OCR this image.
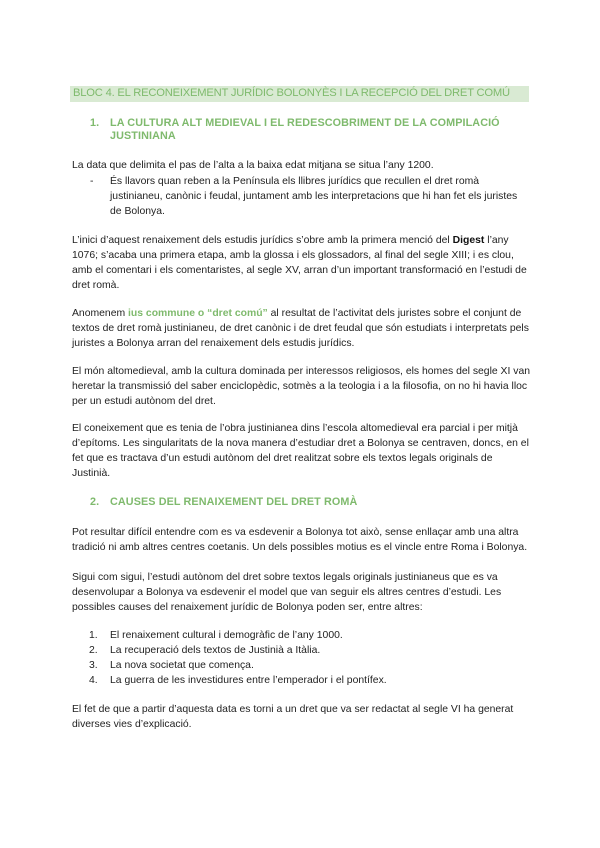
BLOC 4. EL RECONEIXEMENT JURÍDIC BOLONYÈS I LA RECEPCIÓ DEL DRET COMÚ
1. LA CULTURA ALT MEDIEVAL I EL REDESCOBRIMENT DE LA COMPILACIÓ JUSTINIANA
La data que delimita el pas de l’alta a la baixa edat mitjana se situa l’any 1200.
- És llavors quan reben a la Península els llibres jurídics que recullen el dret romà justinianeu, canònic i feudal, juntament amb les interpretacions que hi han fet els juristes de Bolonya.
L’inici d’aquest renaixement dels estudis jurídics s’obre amb la primera menció del Digest l’any 1076; s’acaba una primera etapa, amb la glossa i els glossadors, al final del segle XIII; i es clou, amb el comentari i els comentaristes, al segle XV, arran d’un important transformació en l’estudi de dret romà.
Anomenem ius commune o “dret comú” al resultat de l’activitat dels juristes sobre el conjunt de textos de dret romà justinianeu, de dret canònic i de dret feudal que són estudiats i interpretats pels juristes a Bolonya arran del renaixement dels estudis jurídics.
El món altomedieval, amb la cultura dominada per interessos religiosos, els homes del segle XI van heretar la transmissió del saber enciclopèdic, sotmès a la teologia i a la filosofia, on no hi havia lloc per un estudi autònom del dret.
El coneixement que es tenia de l’obra justinianea dins l’escola altomedieval era parcial i per mitjà d’epítoms. Les singularitats de la nova manera d’estudiar dret a Bolonya se centraven, doncs, en el fet que es tractava d’un estudi autònom del dret realitzat sobre els textos legals originals de Justinià.
2. CAUSES DEL RENAIXEMENT DEL DRET ROMÀ
Pot resultar difícil entendre com es va esdevenir a Bolonya tot això, sense enllaçar amb una altra tradició ni amb altres centres coetanis. Un dels possibles motius es el vincle entre Roma i Bolonya.
Sigui com sigui, l’estudi autònom del dret sobre textos legals originals justinianeus que es va desenvolupar a Bolonya va esdevenir el model que van seguir els altres centres d’estudi. Les possibles causes del renaixement jurídic de Bolonya poden ser, entre altres:
1. El renaixement cultural i demogràfic de l’any 1000.
2. La recuperació dels textos de Justinià a Itàlia.
3. La nova societat que comença.
4. La guerra de les investidures entre l’emperador i el pontífex.
El fet de que a partir d’aquesta data es torni a un dret que va ser redactat al segle VI ha generat diverses vies d’explicació.
